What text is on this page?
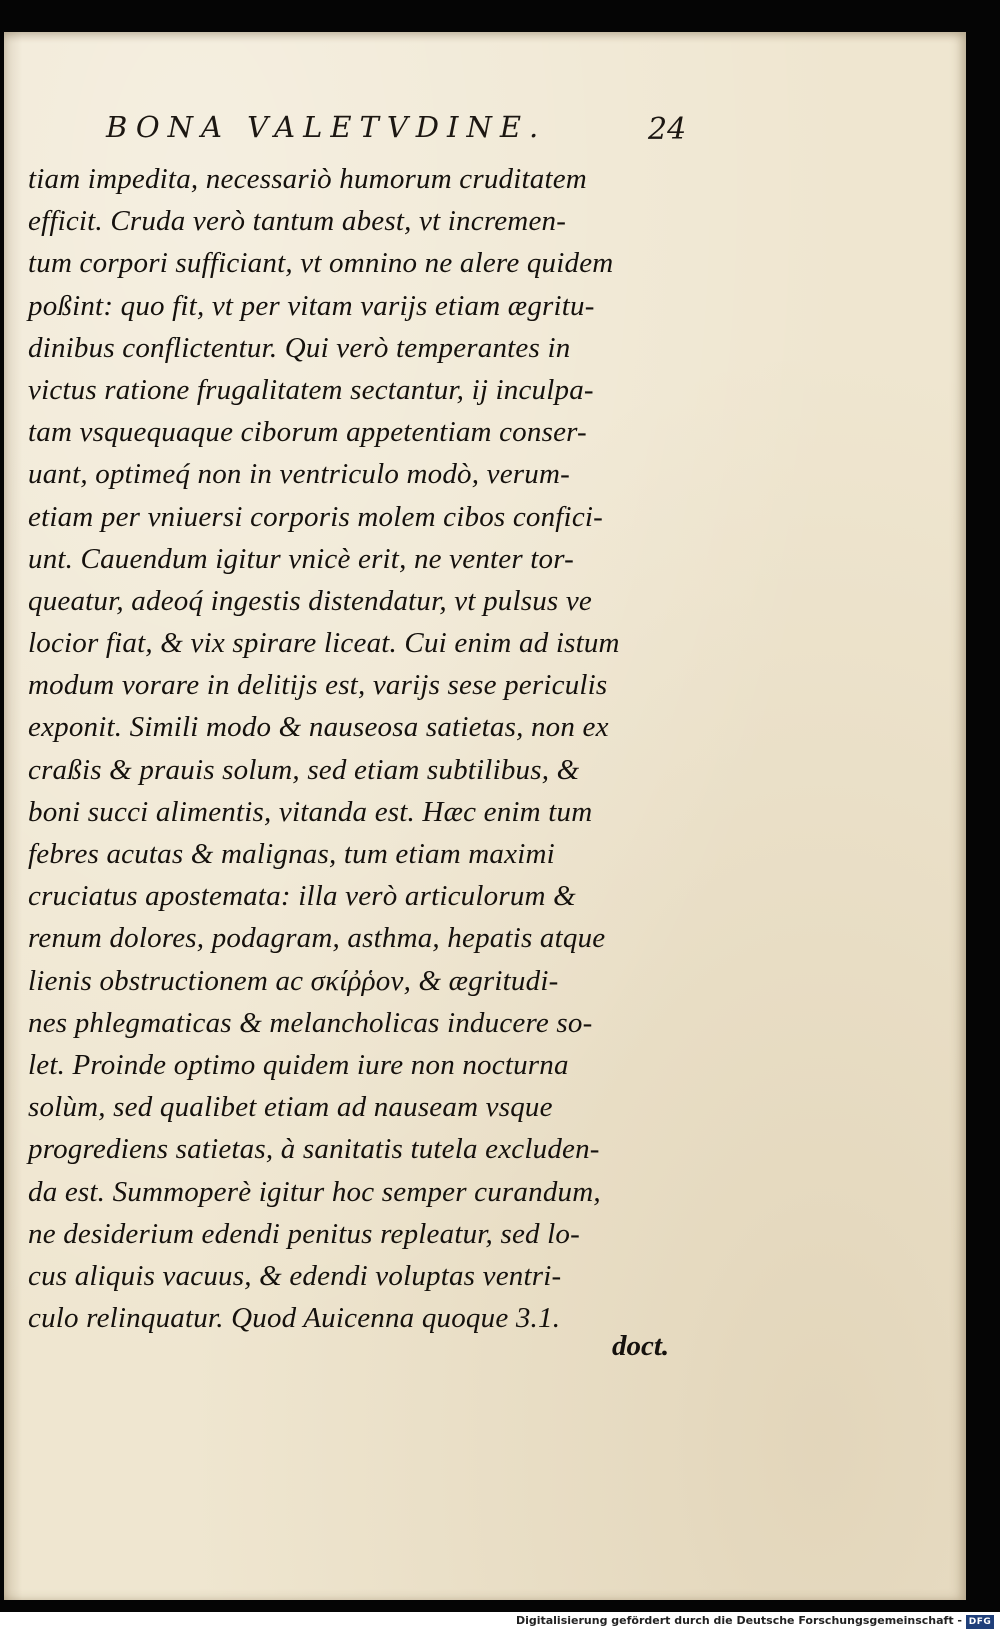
BONA VALETVDINE.	24
tiam impedita, necessariò humorum cruditatem
efficit. Cruda verò tantum abest, vt incremen-
tum corpori sufficiant, vt omnino ne alere quidem
poßint: quo fit, vt per vitam varijs etiam ægritu-
dinibus conflictentur. Qui verò temperantes in
victus ratione frugalitatem sectantur, ij inculpa-
tam vsquequaque ciborum appetentiam conser-
uant, optimeq́ non in ventriculo modò, verum-
etiam per vniuersi corporis molem cibos confici-
unt. Cauendum igitur vnicè erit, ne venter tor-
queatur, adeoq́ ingestis distendatur, vt pulsus ve
locior fiat, & vix spirare liceat. Cui enim ad istum
modum vorare in delitijs est, varijs sese periculis
exponit. Simili modo & nauseosa satietas, non ex
craßis & prauis solum, sed etiam subtilibus, &
boni succi alimentis, vitanda est. Hæc enim tum
febres acutas & malignas, tum etiam maximi
cruciatus apostemata: illa verò articulorum &
renum dolores, podagram, asthma, hepatis atque
lienis obstructionem ac σκίῤῥον, & ægritudi-
nes phlegmaticas & melancholicas inducere so-
let. Proinde optimo quidem iure non nocturna
solùm, sed qualibet etiam ad nauseam vsque
progrediens satietas, à sanitatis tutela excluden-
da est. Summoperè igitur hoc semper curandum,
ne desiderium edendi penitus repleatur, sed lo-
cus aliquis vacuus, & edendi voluptas ventri-
culo relinquatur. Quod Auicenna quoque 3.1.
doct.
Digitalisierung gefördert durch die Deutsche Forschungsgemeinschaft - DFG
